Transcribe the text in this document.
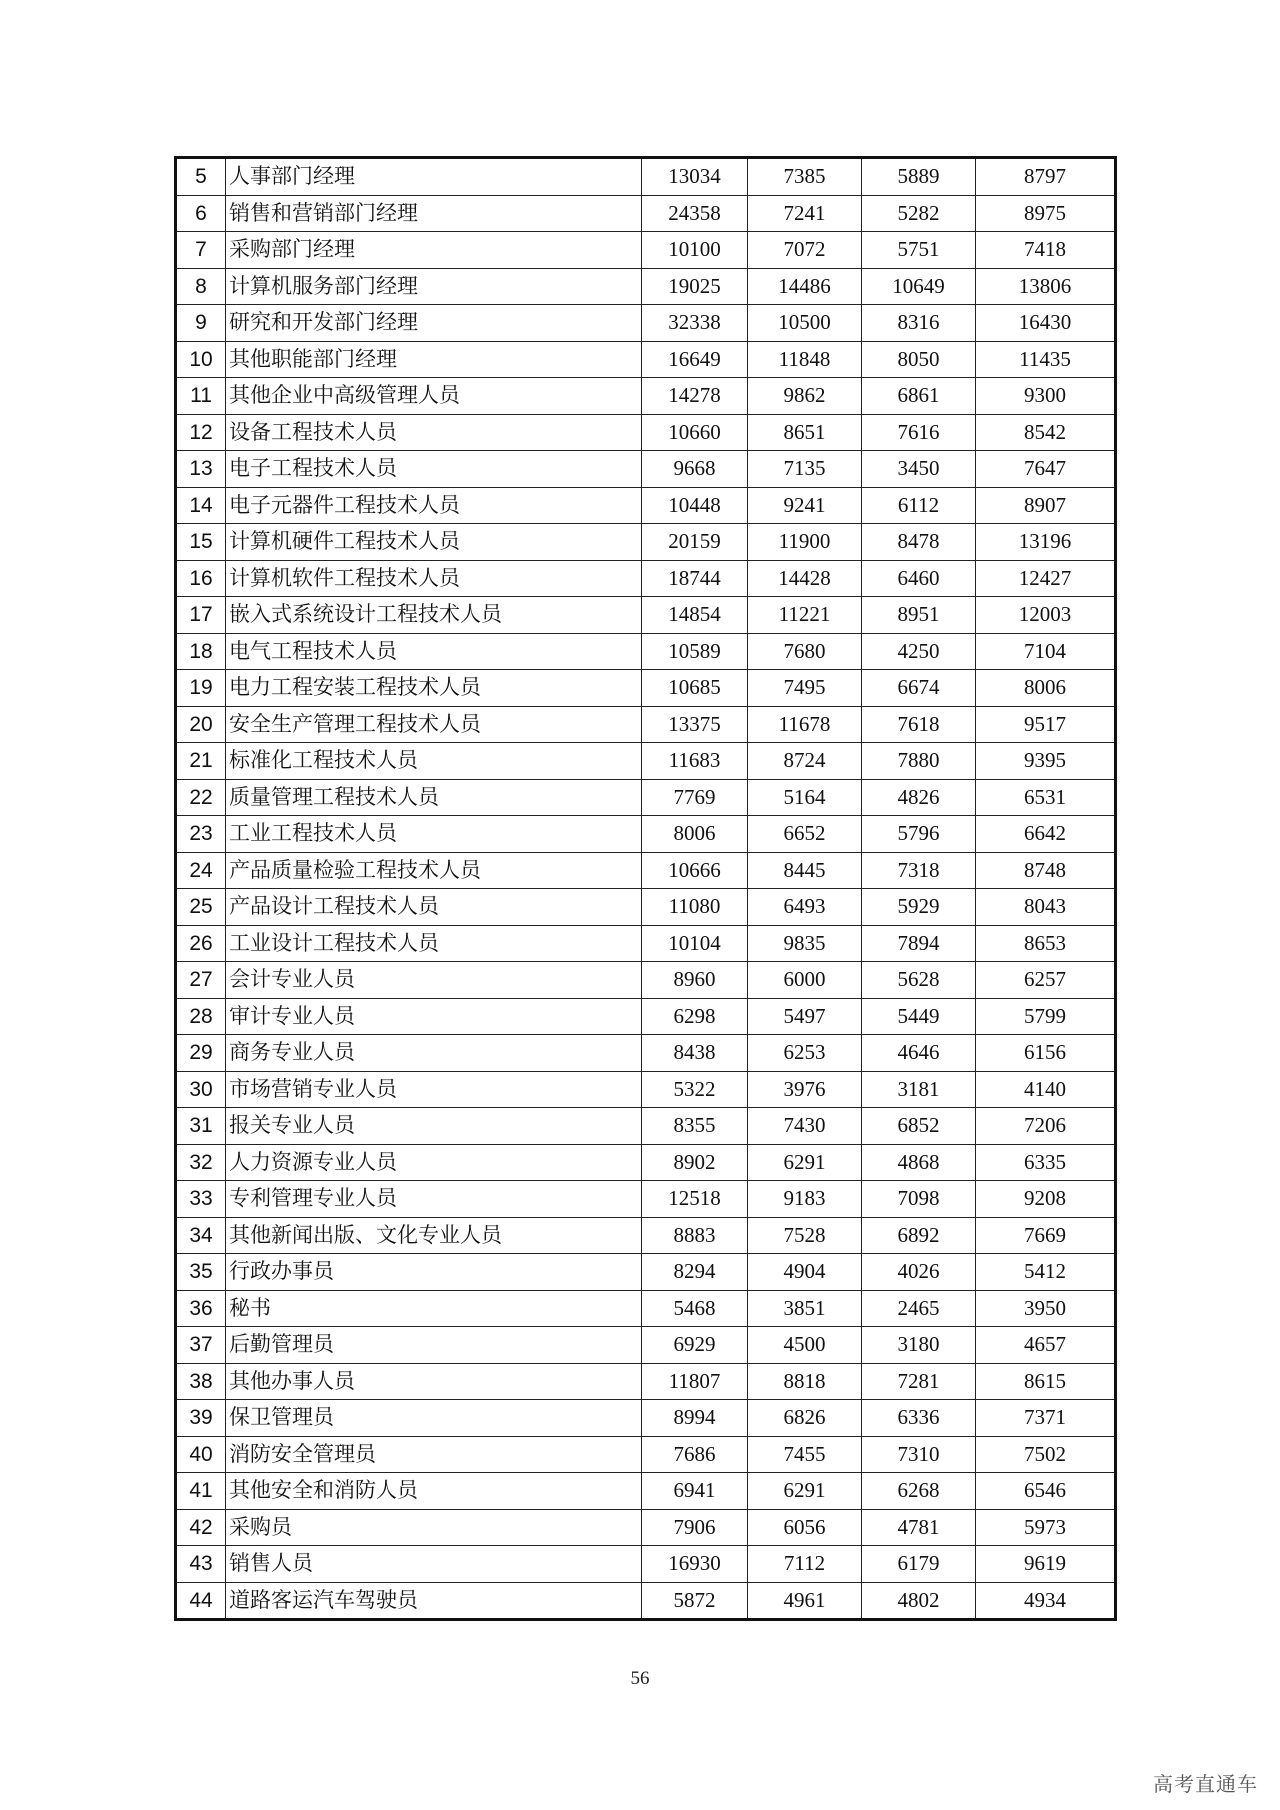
5	人事部门经理	13034	7385	5889	8797
6	销售和营销部门经理	24358	7241	5282	8975
7	采购部门经理	10100	7072	5751	7418
8	计算机服务部门经理	19025	14486	10649	13806
9	研究和开发部门经理	32338	10500	8316	16430
10	其他职能部门经理	16649	11848	8050	11435
11	其他企业中高级管理人员	14278	9862	6861	9300
12	设备工程技术人员	10660	8651	7616	8542
13	电子工程技术人员	9668	7135	3450	7647
14	电子元器件工程技术人员	10448	9241	6112	8907
15	计算机硬件工程技术人员	20159	11900	8478	13196
16	计算机软件工程技术人员	18744	14428	6460	12427
17	嵌入式系统设计工程技术人员	14854	11221	8951	12003
18	电气工程技术人员	10589	7680	4250	7104
19	电力工程安装工程技术人员	10685	7495	6674	8006
20	安全生产管理工程技术人员	13375	11678	7618	9517
21	标准化工程技术人员	11683	8724	7880	9395
22	质量管理工程技术人员	7769	5164	4826	6531
23	工业工程技术人员	8006	6652	5796	6642
24	产品质量检验工程技术人员	10666	8445	7318	8748
25	产品设计工程技术人员	11080	6493	5929	8043
26	工业设计工程技术人员	10104	9835	7894	8653
27	会计专业人员	8960	6000	5628	6257
28	审计专业人员	6298	5497	5449	5799
29	商务专业人员	8438	6253	4646	6156
30	市场营销专业人员	5322	3976	3181	4140
31	报关专业人员	8355	7430	6852	7206
32	人力资源专业人员	8902	6291	4868	6335
33	专利管理专业人员	12518	9183	7098	9208
34	其他新闻出版、文化专业人员	8883	7528	6892	7669
35	行政办事员	8294	4904	4026	5412
36	秘书	5468	3851	2465	3950
37	后勤管理员	6929	4500	3180	4657
38	其他办事人员	11807	8818	7281	8615
39	保卫管理员	8994	6826	6336	7371
40	消防安全管理员	7686	7455	7310	7502
41	其他安全和消防人员	6941	6291	6268	6546
42	采购员	7906	6056	4781	5973
43	销售人员	16930	7112	6179	9619
44	道路客运汽车驾驶员	5872	4961	4802	4934
56
高考直通车
